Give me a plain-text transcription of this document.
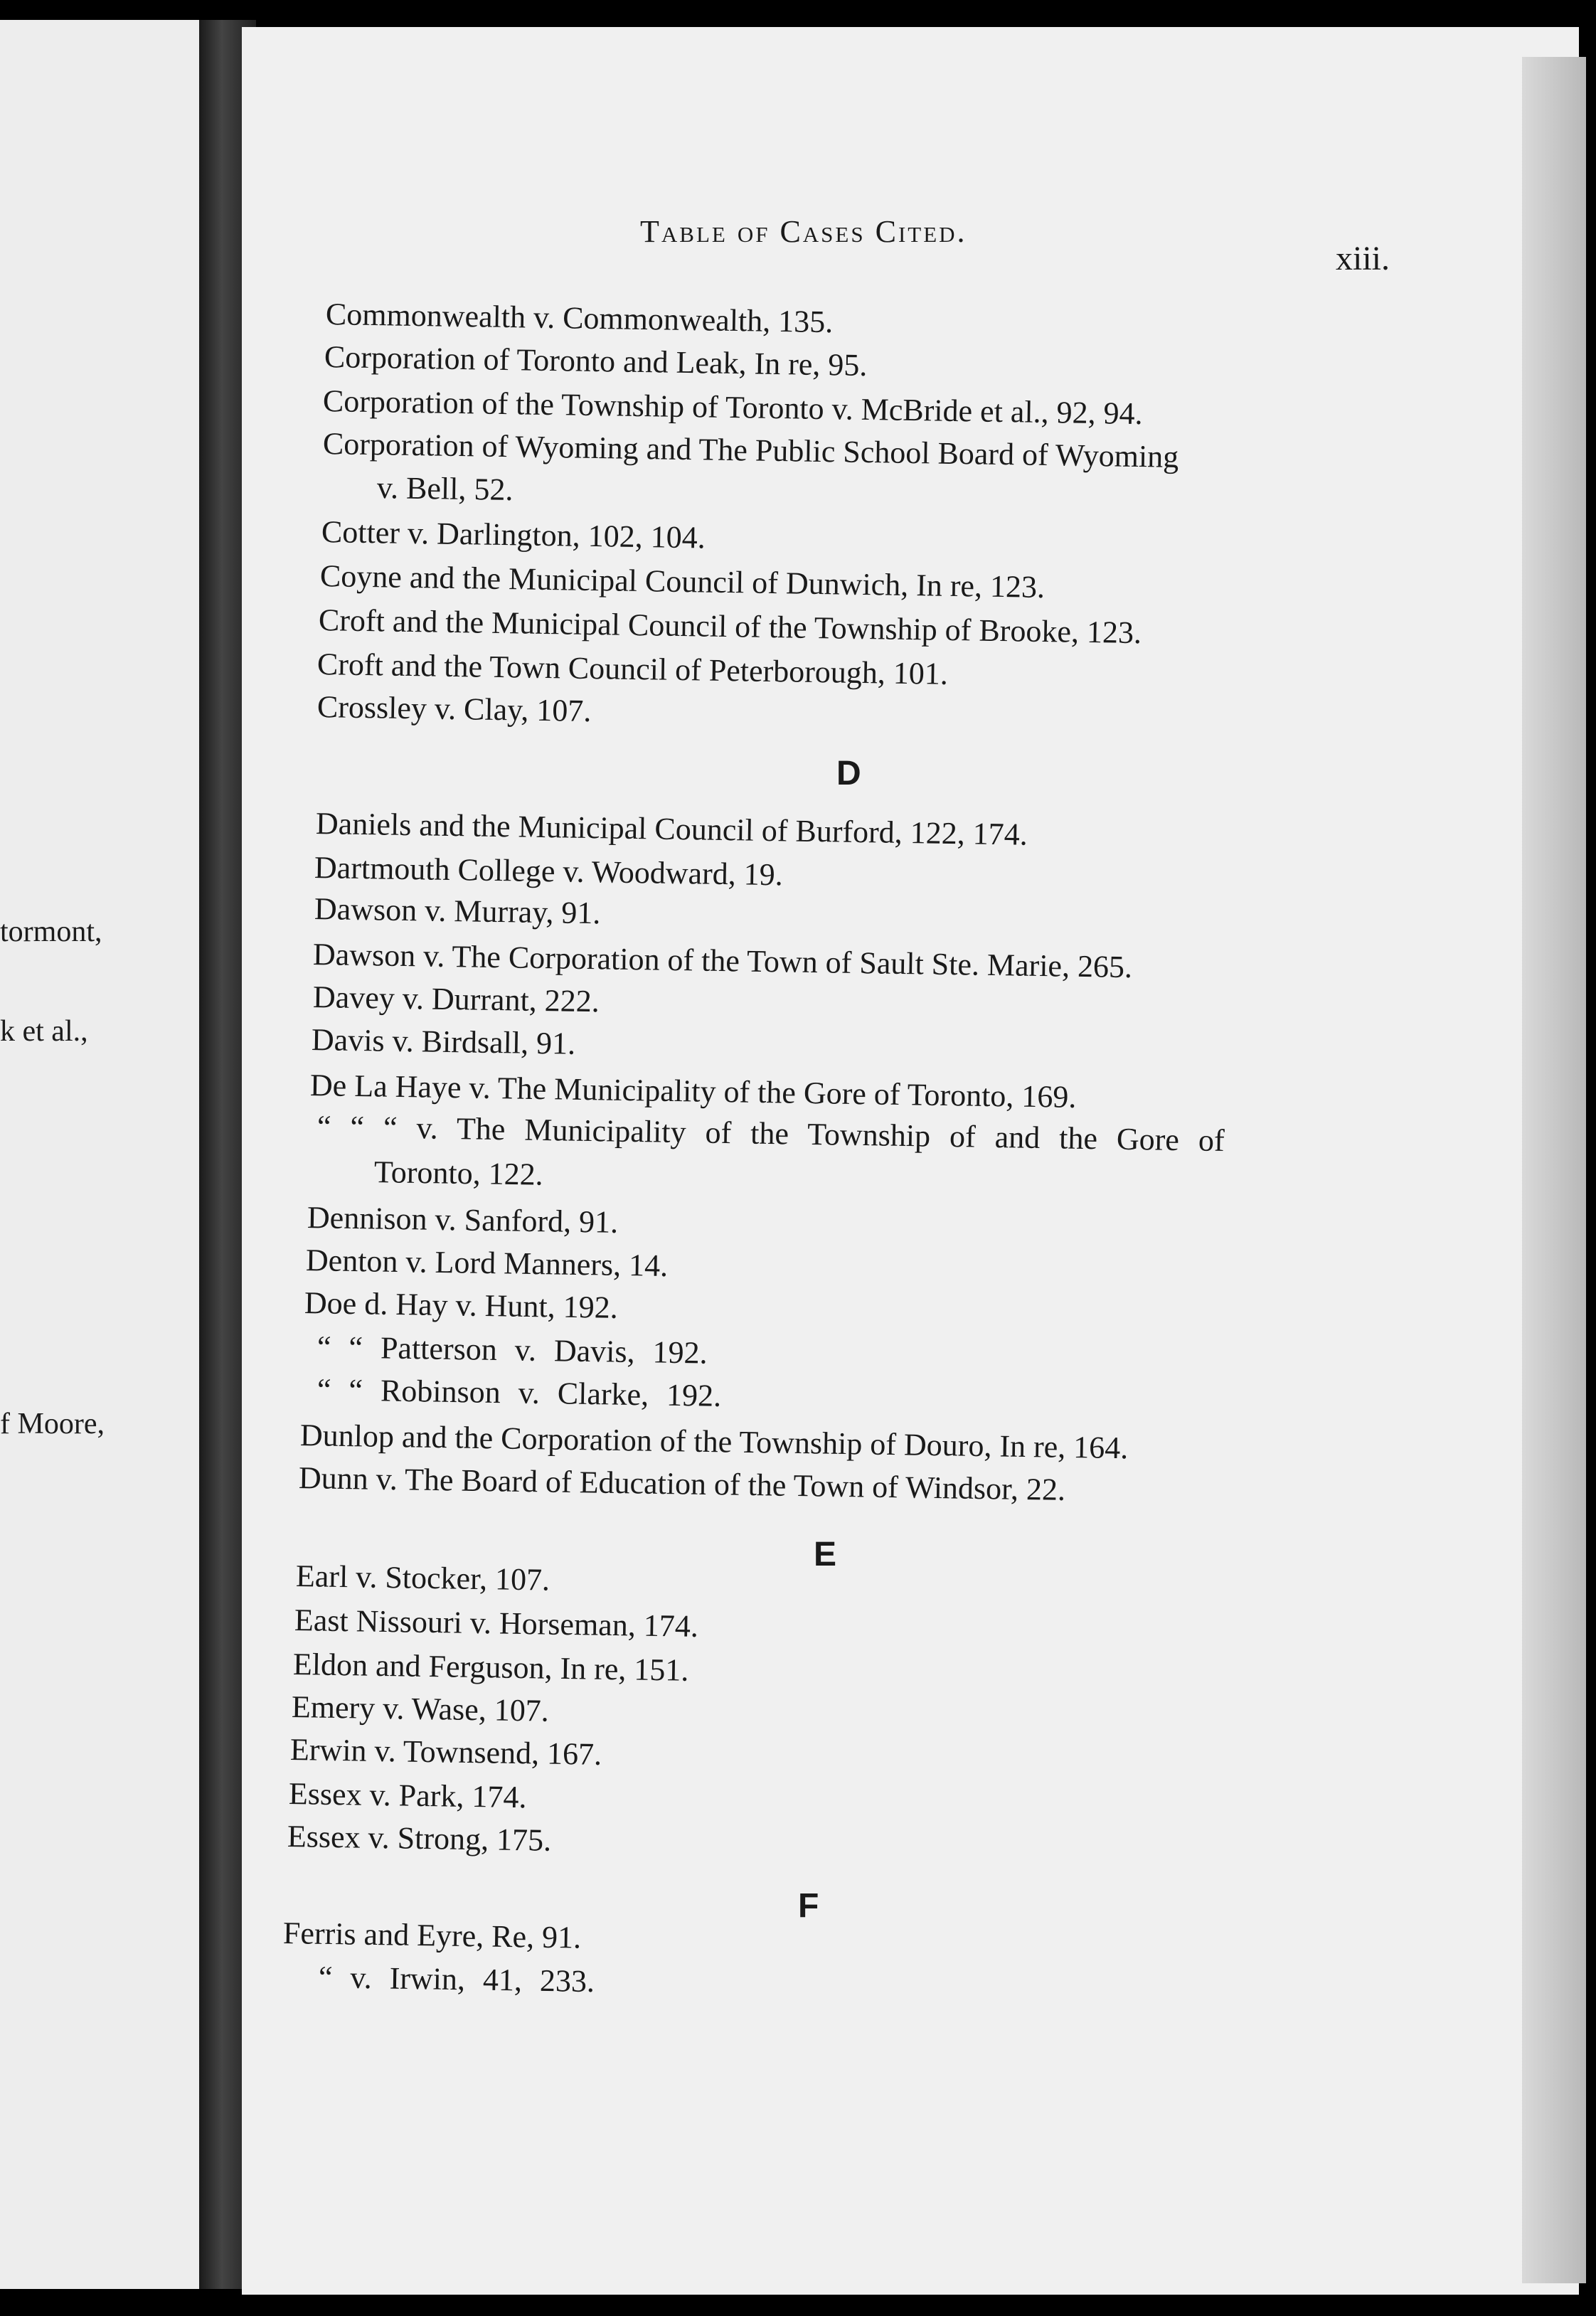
tormont,
k et al.,
f Moore,
Table of Cases Cited.
xiii.
Commonwealth v. Commonwealth, 135.
Corporation of Toronto and Leak, In re, 95.
Corporation of the Township of Toronto v. McBride et al., 92, 94.
Corporation of Wyoming and The Public School Board of Wyoming
v. Bell, 52.
Cotter v. Darlington, 102, 104.
Coyne and the Municipal Council of Dunwich, In re, 123.
Croft and the Municipal Council of the Township of Brooke, 123.
Croft and the Town Council of Peterborough, 101.
Crossley v. Clay, 107.
D
Daniels and the Municipal Council of Burford, 122, 174.
Dartmouth College v. Woodward, 19.
Dawson v. Murray, 91.
Dawson v. The Corporation of the Town of Sault Ste. Marie, 265.
Davey v. Durrant, 222.
Davis v. Birdsall, 91.
De La Haye v. The Municipality of the Gore of Toronto, 169.
“ “ “ v. The Municipality of the Township of and the Gore of
Toronto, 122.
Dennison v. Sanford, 91.
Denton v. Lord Manners, 14.
Doe d. Hay v. Hunt, 192.
“ “ Patterson v. Davis, 192.
“ “ Robinson v. Clarke, 192.
Dunlop and the Corporation of the Township of Douro, In re, 164.
Dunn v. The Board of Education of the Town of Windsor, 22.
E
Earl v. Stocker, 107.
East Nissouri v. Horseman, 174.
Eldon and Ferguson, In re, 151.
Emery v. Wase, 107.
Erwin v. Townsend, 167.
Essex v. Park, 174.
Essex v. Strong, 175.
F
Ferris and Eyre, Re, 91.
“ v. Irwin, 41, 233.
